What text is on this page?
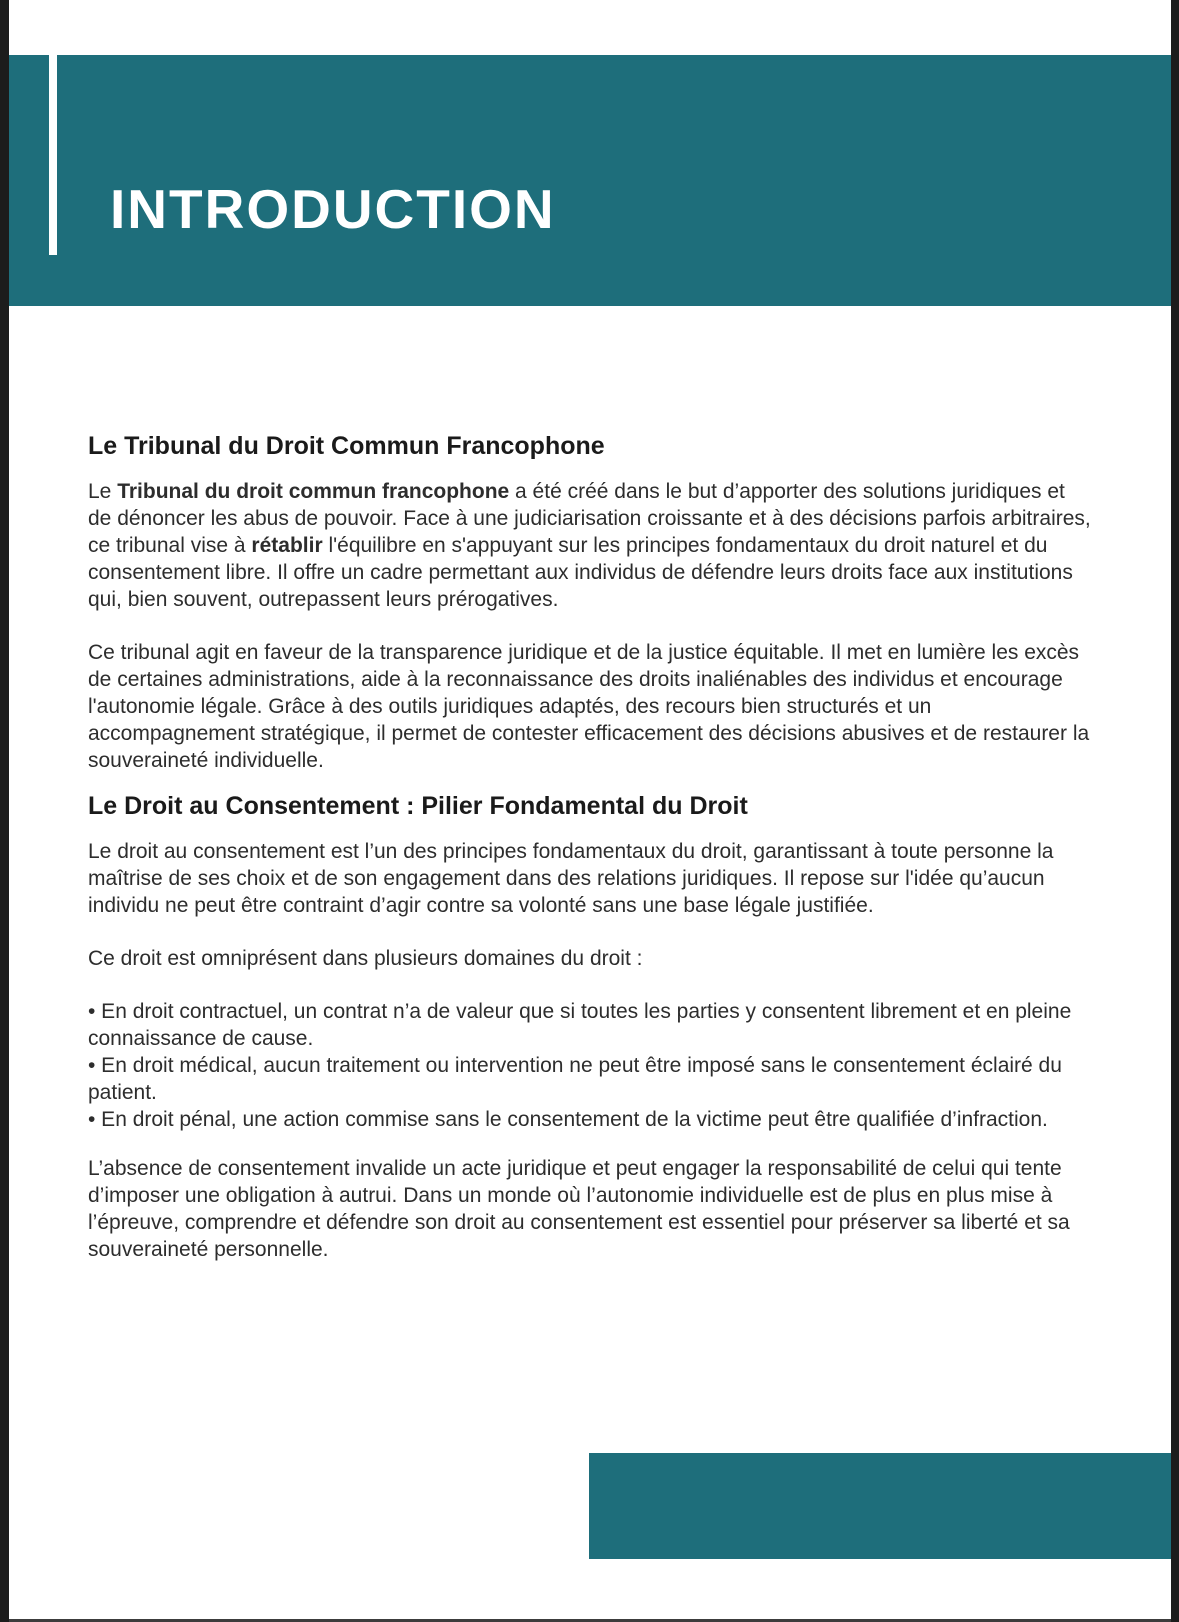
INTRODUCTION
Le Tribunal du Droit Commun Francophone

Le Tribunal du droit commun francophone a été créé dans le but d’apporter des solutions juridiques et de dénoncer les abus de pouvoir. Face à une judiciarisation croissante et à des décisions parfois arbitraires, ce tribunal vise à rétablir l'équilibre en s'appuyant sur les principes fondamentaux du droit naturel et du consentement libre. Il offre un cadre permettant aux individus de défendre leurs droits face aux institutions qui, bien souvent, outrepassent leurs prérogatives.

Ce tribunal agit en faveur de la transparence juridique et de la justice équitable. Il met en lumière les excès de certaines administrations, aide à la reconnaissance des droits inaliénables des individus et encourage l'autonomie légale. Grâce à des outils juridiques adaptés, des recours bien structurés et un accompagnement stratégique, il permet de contester efficacement des décisions abusives et de restaurer la souveraineté individuelle.

Le Droit au Consentement : Pilier Fondamental du Droit

Le droit au consentement est l’un des principes fondamentaux du droit, garantissant à toute personne la maîtrise de ses choix et de son engagement dans des relations juridiques. Il repose sur l'idée qu’aucun individu ne peut être contraint d’agir contre sa volonté sans une base légale justifiée.

Ce droit est omniprésent dans plusieurs domaines du droit :

• En droit contractuel, un contrat n’a de valeur que si toutes les parties y consentent librement et en pleine connaissance de cause.
• En droit médical, aucun traitement ou intervention ne peut être imposé sans le consentement éclairé du patient.
• En droit pénal, une action commise sans le consentement de la victime peut être qualifiée d’infraction.

L’absence de consentement invalide un acte juridique et peut engager la responsabilité de celui qui tente d’imposer une obligation à autrui. Dans un monde où l’autonomie individuelle est de plus en plus mise à l’épreuve, comprendre et défendre son droit au consentement est essentiel pour préserver sa liberté et sa souveraineté personnelle.
